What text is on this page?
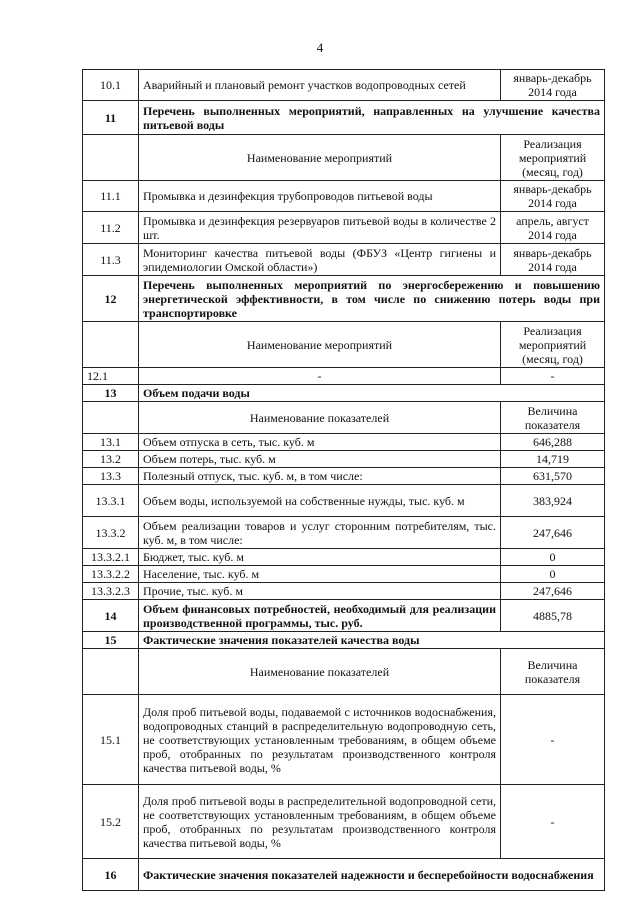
4
10.1	Аварийный и плановый ремонт участков водопроводных сетей	январь-декабрь 2014 года
11	Перечень выполненных мероприятий, направленных на улучшение качества питьевой воды	
	Наименование мероприятий	Реализация мероприятий (месяц, год)
11.1	Промывка и дезинфекция трубопроводов питьевой воды	январь-декабрь 2014 года
11.2	Промывка и дезинфекция резервуаров питьевой воды в количестве 2 шт.	апрель, август 2014 года
11.3	Мониторинг качества питьевой воды (ФБУЗ «Центр гигиены и эпидемиологии Омской области»)	январь-декабрь 2014 года
12	Перечень выполненных мероприятий по энергосбережению и повышению энергетической эффективности, в том числе по снижению потерь воды при транспортировке	
	Наименование мероприятий	Реализация мероприятий (месяц, год)
12.1	-	-
13	Объем подачи воды	
	Наименование показателей	Величина показателя
13.1	Объем отпуска в сеть, тыс. куб. м	646,288
13.2	Объем потерь, тыс. куб. м	14,719
13.3	Полезный отпуск, тыс. куб. м, в том числе:	631,570
13.3.1	Объем воды, используемой на собственные нужды, тыс. куб. м	383,924
13.3.2	Объем реализации товаров и услуг сторонним потребителям, тыс. куб. м, в том числе:	247,646
13.3.2.1	Бюджет, тыс. куб. м	0
13.3.2.2	Население, тыс. куб. м	0
13.3.2.3	Прочие, тыс. куб. м	247,646
14	Объем финансовых потребностей, необходимый для реализации производственной программы, тыс. руб.	4885,78
15	Фактические значения показателей качества воды	
	Наименование показателей	Величина показателя
15.1	Доля проб питьевой воды, подаваемой с источников водоснабжения, водопроводных станций в распределительную водопроводную сеть, не соответствующих установленным требованиям, в общем объеме проб, отобранных по результатам производственного контроля качества питьевой воды, %	-
15.2	Доля проб питьевой воды в распределительной водопроводной сети, не соответствующих установленным требованиям, в общем объеме проб, отобранных по результатам производственного контроля качества питьевой воды, %	-
16	Фактические значения показателей надежности и бесперебойности водоснабжения	
